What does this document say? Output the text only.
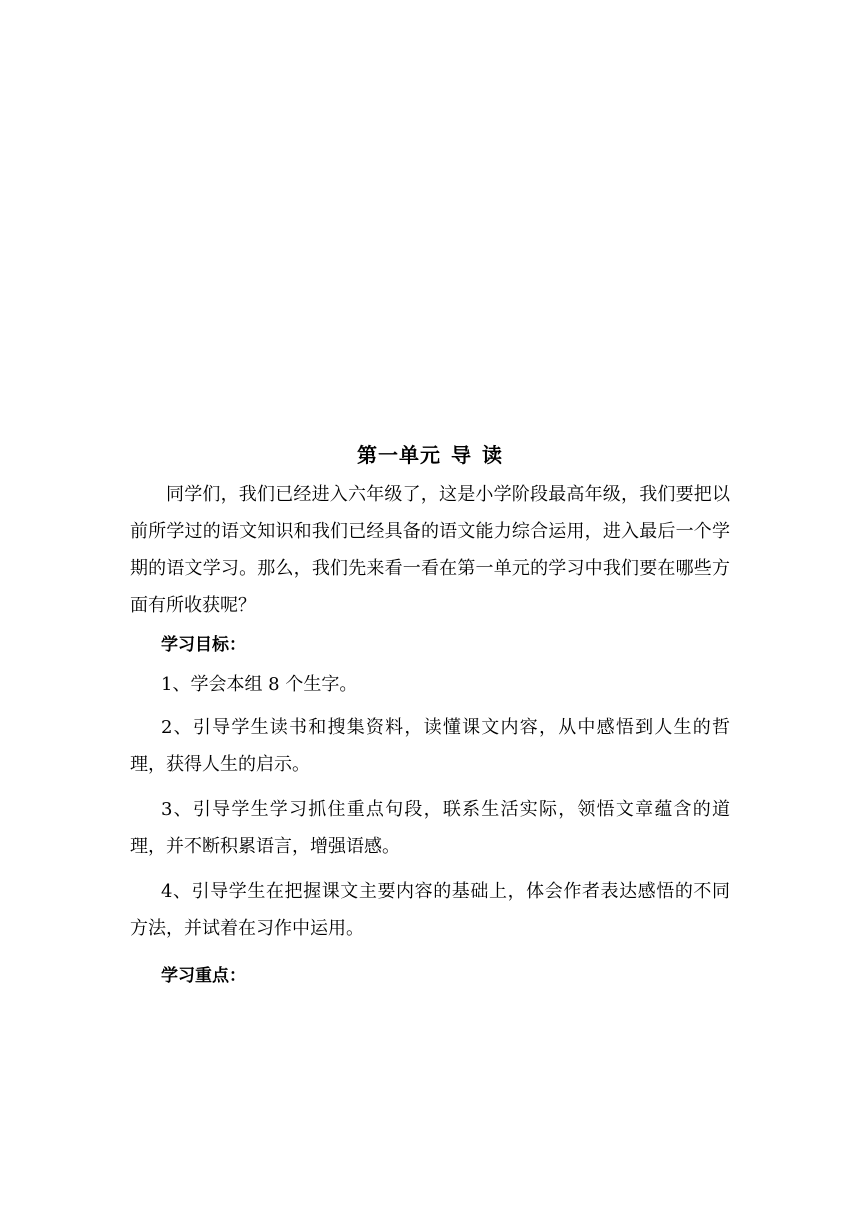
第一单元 导 读

同学们，我们已经进入六年级了，这是小学阶段最高年级，我们要把以前所学过的语文知识和我们已经具备的语文能力综合运用，进入最后一个学期的语文学习。那么，我们先来看一看在第一单元的学习中我们要在哪些方面有所收获呢？

学习目标：

1、学会本组 8 个生字。

2、引导学生读书和搜集资料，读懂课文内容，从中感悟到人生的哲理，获得人生的启示。

3、引导学生学习抓住重点句段，联系生活实际，领悟文章蕴含的道理，并不断积累语言，增强语感。

4、引导学生在把握课文主要内容的基础上，体会作者表达感悟的不同方法，并试着在习作中运用。

学习重点：
